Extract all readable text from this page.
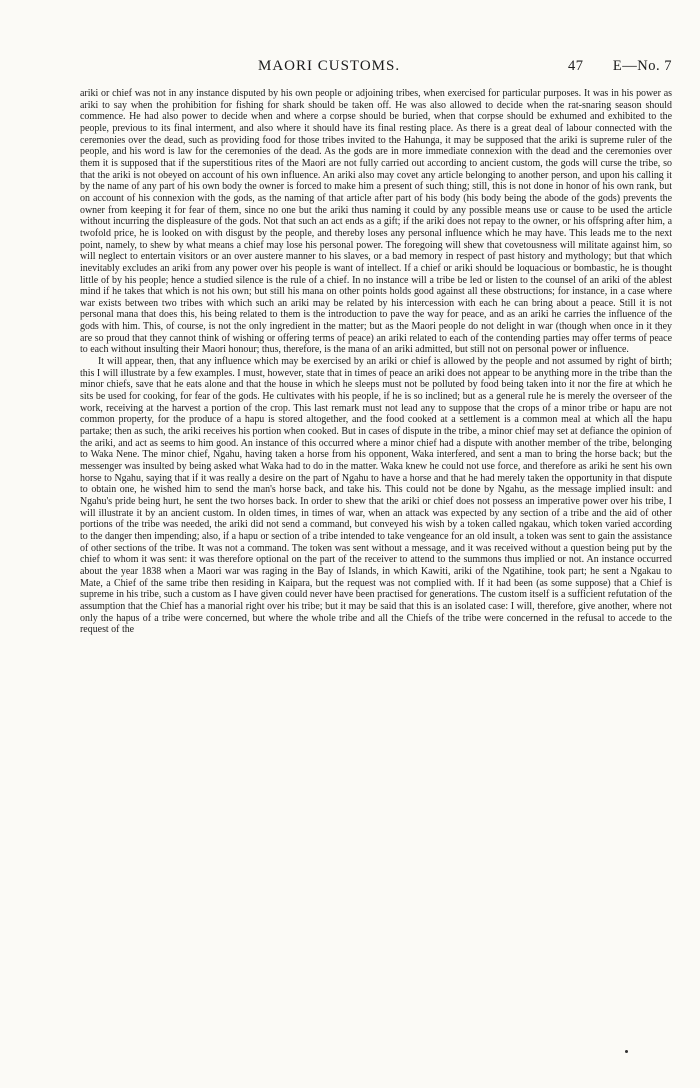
MAORI CUSTOMS.	47 E—No. 7

ariki or chief was not in any instance disputed by his own people or adjoining tribes, when exercised for particular purposes. It was in his power as ariki to say when the prohibition for fishing for shark should be taken off. He was also allowed to decide when the rat-snaring season should commence. He had also power to decide when and where a corpse should be buried, when that corpse should be exhumed and exhibited to the people, previous to its final interment, and also where it should have its final resting place. As there is a great deal of labour connected with the ceremonies over the dead, such as providing food for those tribes invited to the Hahunga, it may be supposed that the ariki is supreme ruler of the people, and his word is law for the ceremonies of the dead. As the gods are in more immediate connexion with the dead and the ceremonies over them it is supposed that if the superstitious rites of the Maori are not fully carried out according to ancient custom, the gods will curse the tribe, so that the ariki is not obeyed on account of his own influence. An ariki also may covet any article belonging to another person, and upon his calling it by the name of any part of his own body the owner is forced to make him a present of such thing; still, this is not done in honor of his own rank, but on account of his connexion with the gods, as the naming of that article after part of his body (his body being the abode of the gods) prevents the owner from keeping it for fear of them, since no one but the ariki thus naming it could by any possible means use or cause to be used the article without incurring the displeasure of the gods. Not that such an act ends as a gift; if the ariki does not repay to the owner, or his offspring after him, a twofold price, he is looked on with disgust by the people, and thereby loses any personal influence which he may have. This leads me to the next point, namely, to shew by what means a chief may lose his personal power. The foregoing will shew that covetousness will militate against him, so will neglect to entertain visitors or an over austere manner to his slaves, or a bad memory in respect of past history and mythology; but that which inevitably excludes an ariki from any power over his people is want of intellect. If a chief or ariki should be loquacious or bombastic, he is thought little of by his people; hence a studied silence is the rule of a chief. In no instance will a tribe be led or listen to the counsel of an ariki of the ablest mind if he takes that which is not his own; but still his mana on other points holds good against all these obstructions; for instance, in a case where war exists between two tribes with which such an ariki may be related by his intercession with each he can bring about a peace. Still it is not personal mana that does this, his being related to them is the introduction to pave the way for peace, and as an ariki he carries the influence of the gods with him. This, of course, is not the only ingredient in the matter; but as the Maori people do not delight in war (though when once in it they are so proud that they cannot think of wishing or offering terms of peace) an ariki related to each of the contending parties may offer terms of peace to each without insulting their Maori honour; thus, therefore, is the mana of an ariki admitted, but still not on personal power or influence.

It will appear, then, that any influence which may be exercised by an ariki or chief is allowed by the people and not assumed by right of birth; this I will illustrate by a few examples. I must, however, state that in times of peace an ariki does not appear to be anything more in the tribe than the minor chiefs, save that he eats alone and that the house in which he sleeps must not be polluted by food being taken into it nor the fire at which he sits be used for cooking, for fear of the gods. He cultivates with his people, if he is so inclined; but as a general rule he is merely the overseer of the work, receiving at the harvest a portion of the crop. This last remark must not lead any to suppose that the crops of a minor tribe or hapu are not common property, for the produce of a hapu is stored altogether, and the food cooked at a settlement is a common meal at which all the hapu partake; then as such, the ariki receives his portion when cooked. But in cases of dispute in the tribe, a minor chief may set at defiance the opinion of the ariki, and act as seems to him good. An instance of this occurred where a minor chief had a dispute with another member of the tribe, belonging to Waka Nene. The minor chief, Ngahu, having taken a horse from his opponent, Waka interfered, and sent a man to bring the horse back; but the messenger was insulted by being asked what Waka had to do in the matter. Waka knew he could not use force, and therefore as ariki he sent his own horse to Ngahu, saying that if it was really a desire on the part of Ngahu to have a horse and that he had merely taken the opportunity in that dispute to obtain one, he wished him to send the man's horse back, and take his. This could not be done by Ngahu, as the message implied insult: and Ngahu's pride being hurt, he sent the two horses back. In order to shew that the ariki or chief does not possess an imperative power over his tribe, I will illustrate it by an ancient custom. In olden times, in times of war, when an attack was expected by any section of a tribe and the aid of other portions of the tribe was needed, the ariki did not send a command, but conveyed his wish by a token called ngakau, which token varied according to the danger then impending; also, if a hapu or section of a tribe intended to take vengeance for an old insult, a token was sent to gain the assistance of other sections of the tribe. It was not a command. The token was sent without a message, and it was received without a question being put by the chief to whom it was sent: it was therefore optional on the part of the receiver to attend to the summons thus implied or not. An instance occurred about the year 1838 when a Maori war was raging in the Bay of Islands, in which Kawiti, ariki of the Ngatihine, took part; he sent a Ngakau to Mate, a Chief of the same tribe then residing in Kaipara, but the request was not complied with. If it had been (as some suppose) that a Chief is supreme in his tribe, such a custom as I have given could never have been practised for generations. The custom itself is a sufficient refutation of the assumption that the Chief has a manorial right over his tribe; but it may be said that this is an isolated case: I will, therefore, give another, where not only the hapus of a tribe were concerned, but where the whole tribe and all the Chiefs of the tribe were concerned in the refusal to accede to the request of the
